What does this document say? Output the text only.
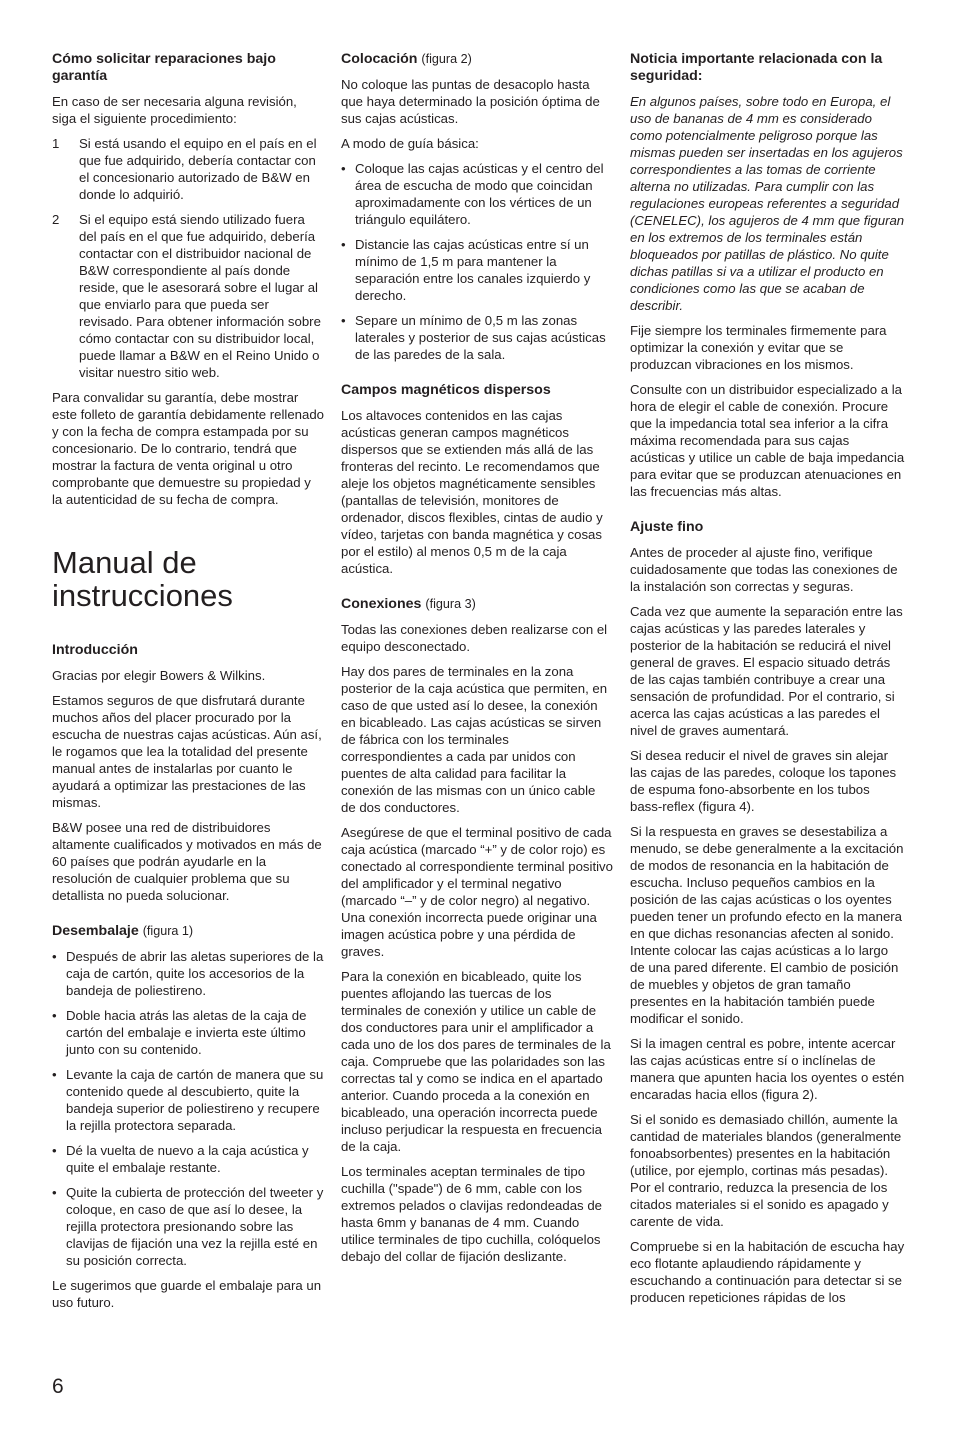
Cómo solicitar reparaciones bajo garantía

En caso de ser necesaria alguna revisión, siga el siguiente procedimiento:

1 Si está usando el equipo en el país en el que fue adquirido, debería contactar con el concesionario autorizado de B&W en donde lo adquirió.
2 Si el equipo está siendo utilizado fuera del país en el que fue adquirido, debería contactar con el distribuidor nacional de B&W correspondiente al país donde reside, que le asesorará sobre el lugar al que enviarlo para que pueda ser revisado. Para obtener información sobre cómo contactar con su distribuidor local, puede llamar a B&W en el Reino Unido o visitar nuestro sitio web.

Para convalidar su garantía, debe mostrar este folleto de garantía debidamente rellenado y con la fecha de compra estampada por su concesionario. De lo contrario, tendrá que mostrar la factura de venta original u otro comprobante que demuestre su propiedad y la autenticidad de su fecha de compra.

Manual de instrucciones
Introducción

Gracias por elegir Bowers & Wilkins.

Estamos seguros de que disfrutará durante muchos años del placer procurado por la escucha de nuestras cajas acústicas. Aún así, le rogamos que lea la totalidad del presente manual antes de instalarlas por cuanto le ayudará a optimizar las prestaciones de las mismas.

B&W posee una red de distribuidores altamente cualificados y motivados en más de 60 países que podrán ayudarle en la resolución de cualquier problema que su detallista no pueda solucionar.

Desembalaje (figura 1)
• Después de abrir las aletas superiores de la caja de cartón, quite los accesorios de la bandeja de poliestireno.
• Doble hacia atrás las aletas de la caja de cartón del embalaje e invierta este último junto con su contenido.
• Levante la caja de cartón de manera que su contenido quede al descubierto, quite la bandeja superior de poliestireno y recupere la rejilla protectora separada.
• Dé la vuelta de nuevo a la caja acústica y quite el embalaje restante.
• Quite la cubierta de protección del tweeter y coloque, en caso de que así lo desee, la rejilla protectora presionando sobre las clavijas de fijación una vez la rejilla esté en su posición correcta.

Le sugerimos que guarde el embalaje para un uso futuro.

Colocación (figura 2)

No coloque las puntas de desacoplo hasta que haya determinado la posición óptima de sus cajas acústicas.

A modo de guía básica:

• Coloque las cajas acústicas y el centro del área de escucha de modo que coincidan aproximadamente con los vértices de un triángulo equilátero.
• Distancie las cajas acústicas entre sí un mínimo de 1,5 m para mantener la separación entre los canales izquierdo y derecho.
• Separe un mínimo de 0,5 m las zonas laterales y posterior de sus cajas acústicas de las paredes de la sala.
Campos magnéticos dispersos

Los altavoces contenidos en las cajas acústicas generan campos magnéticos dispersos que se extienden más allá de las fronteras del recinto. Le recomendamos que aleje los objetos magnéticamente sensibles (pantallas de televisión, monitores de ordenador, discos flexibles, cintas de audio y vídeo, tarjetas con banda magnética y cosas por el estilo) al menos 0,5 m de la caja acústica.

Conexiones (figura 3)

Todas las conexiones deben realizarse con el equipo desconectado.

Hay dos pares de terminales en la zona posterior de la caja acústica que permiten, en caso de que usted así lo desee, la conexión en bicableado. Las cajas acústicas se sirven de fábrica con los terminales correspondientes a cada par unidos con puentes de alta calidad para facilitar la conexión de las mismas con un único cable de dos conductores.

Asegúrese de que el terminal positivo de cada caja acústica (marcado “+” y de color rojo) es conectado al correspondiente terminal positivo del amplificador y el terminal negativo (marcado “–” y de color negro) al negativo. Una conexión incorrecta puede originar una imagen acústica pobre y una pérdida de graves.

Para la conexión en bicableado, quite los puentes aflojando las tuercas de los terminales de conexión y utilice un cable de dos conductores para unir el amplificador a cada uno de los dos pares de terminales de la caja. Compruebe que las polaridades son las correctas tal y como se indica en el apartado anterior. Cuando proceda a la conexión en bicableado, una operación incorrecta puede incluso perjudicar la respuesta en frecuencia de la caja.

Los terminales aceptan terminales de tipo cuchilla ("spade") de 6 mm, cable con los extremos pelados o clavijas redondeadas de hasta 6mm y bananas de 4 mm. Cuando utilice terminales de tipo cuchilla, colóquelos debajo del collar de fijación deslizante.

Noticia importante relacionada con la seguridad:

En algunos países, sobre todo en Europa, el uso de bananas de 4 mm es considerado como potencialmente peligroso porque las mismas pueden ser insertadas en los agujeros correspondientes a las tomas de corriente alterna no utilizadas. Para cumplir con las regulaciones europeas referentes a seguridad (CENELEC), los agujeros de 4 mm que figuran en los extremos de los terminales están bloqueados por patillas de plástico. No quite dichas patillas si va a utilizar el producto en condiciones como las que se acaban de describir.

Fije siempre los terminales firmemente para optimizar la conexión y evitar que se produzcan vibraciones en los mismos.

Consulte con un distribuidor especializado a la hora de elegir el cable de conexión. Procure que la impedancia total sea inferior a la cifra máxima recomendada para sus cajas acústicas y utilice un cable de baja impedancia para evitar que se produzcan atenuaciones en las frecuencias más altas.

Ajuste fino

Antes de proceder al ajuste fino, verifique cuidadosamente que todas las conexiones de la instalación son correctas y seguras.

Cada vez que aumente la separación entre las cajas acústicas y las paredes laterales y posterior de la habitación se reducirá el nivel general de graves. El espacio situado detrás de las cajas también contribuye a crear una sensación de profundidad. Por el contrario, si acerca las cajas acústicas a las paredes el nivel de graves aumentará.

Si desea reducir el nivel de graves sin alejar las cajas de las paredes, coloque los tapones de espuma fono-absorbente en los tubos bass-reflex (figura 4).

Si la respuesta en graves se desestabiliza a menudo, se debe generalmente a la excitación de modos de resonancia en la habitación de escucha. Incluso pequeños cambios en la posición de las cajas acústicas o los oyentes pueden tener un profundo efecto en la manera en que dichas resonancias afecten al sonido. Intente colocar las cajas acústicas a lo largo de una pared diferente. El cambio de posición de muebles y objetos de gran tamaño presentes en la habitación también puede modificar el sonido.

Si la imagen central es pobre, intente acercar las cajas acústicas entre sí o inclínelas de manera que apunten hacia los oyentes o estén encaradas hacia ellos (figura 2).

Si el sonido es demasiado chillón, aumente la cantidad de materiales blandos (generalmente fonoabsorbentes) presentes en la habitación (utilice, por ejemplo, cortinas más pesadas). Por el contrario, reduzca la presencia de los citados materiales si el sonido es apagado y carente de vida.

Compruebe si en la habitación de escucha hay eco flotante aplaudiendo rápidamente y escuchando a continuación para detectar si se producen repeticiones rápidas de los

6
